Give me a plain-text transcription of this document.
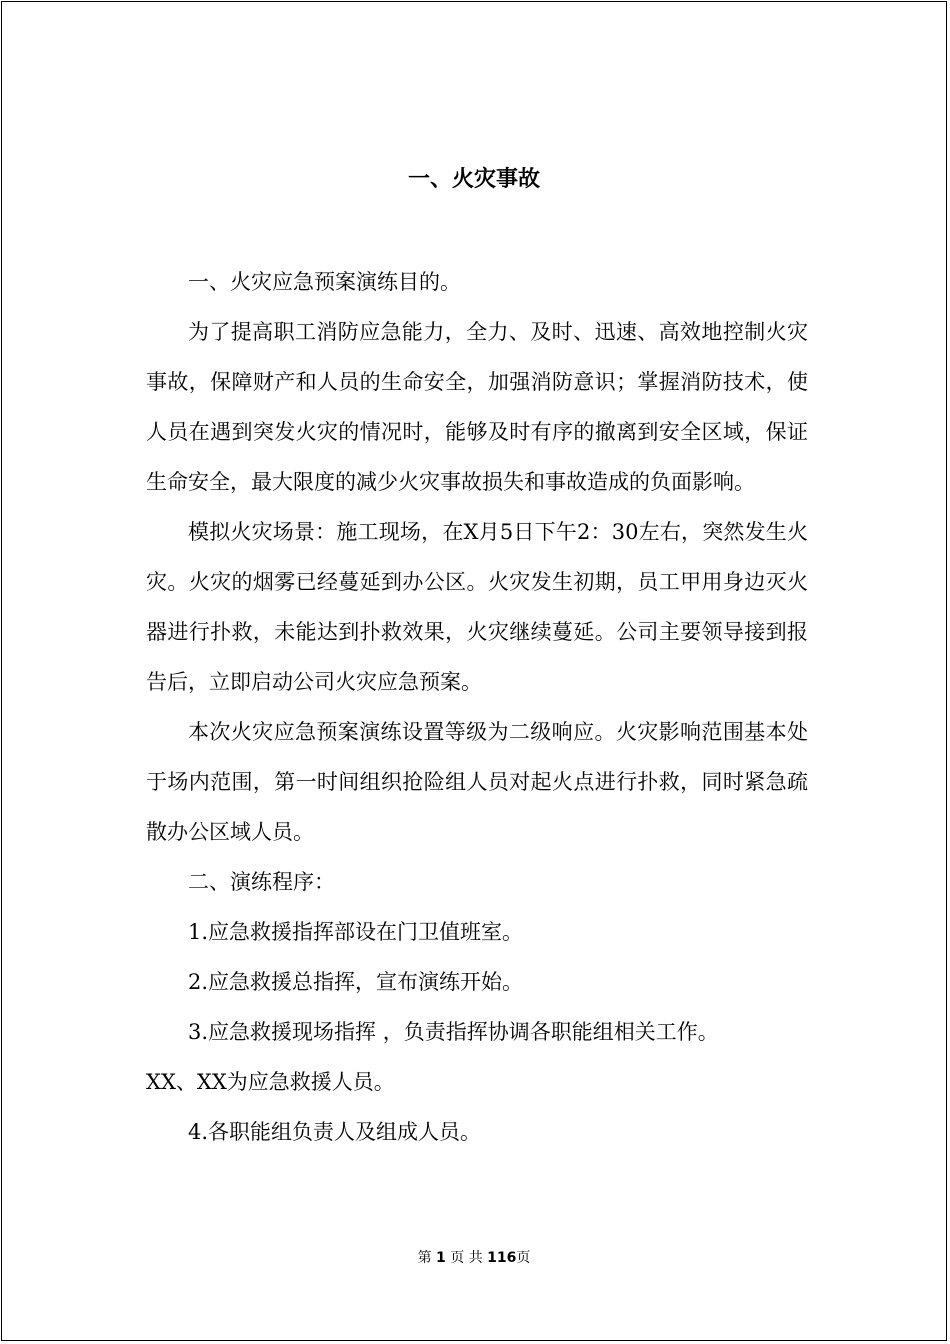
一、火灾事故

一、火灾应急预案演练目的。

为了提高职工消防应急能力，全力、及时、迅速、高效地控制火灾事故，保障财产和人员的生命安全，加强消防意识；掌握消防技术，使人员在遇到突发火灾的情况时，能够及时有序的撤离到安全区域，保证生命安全，最大限度的减少火灾事故损失和事故造成的负面影响。

模拟火灾场景：施工现场，在X月5日下午2：30左右，突然发生火灾。火灾的烟雾已经蔓延到办公区。火灾发生初期，员工甲用身边灭火器进行扑救，未能达到扑救效果，火灾继续蔓延。公司主要领导接到报告后，立即启动公司火灾应急预案。

本次火灾应急预案演练设置等级为二级响应。火灾影响范围基本处于场内范围，第一时间组织抢险组人员对起火点进行扑救，同时紧急疏散办公区域人员。

二、演练程序：

1.应急救援指挥部设在门卫值班室。

2.应急救援总指挥，宣布演练开始。

3.应急救援现场指挥 ，负责指挥协调各职能组相关工作。

XX、XX为应急救援人员。

4.各职能组负责人及组成人员。

第 1 页 共 116页
